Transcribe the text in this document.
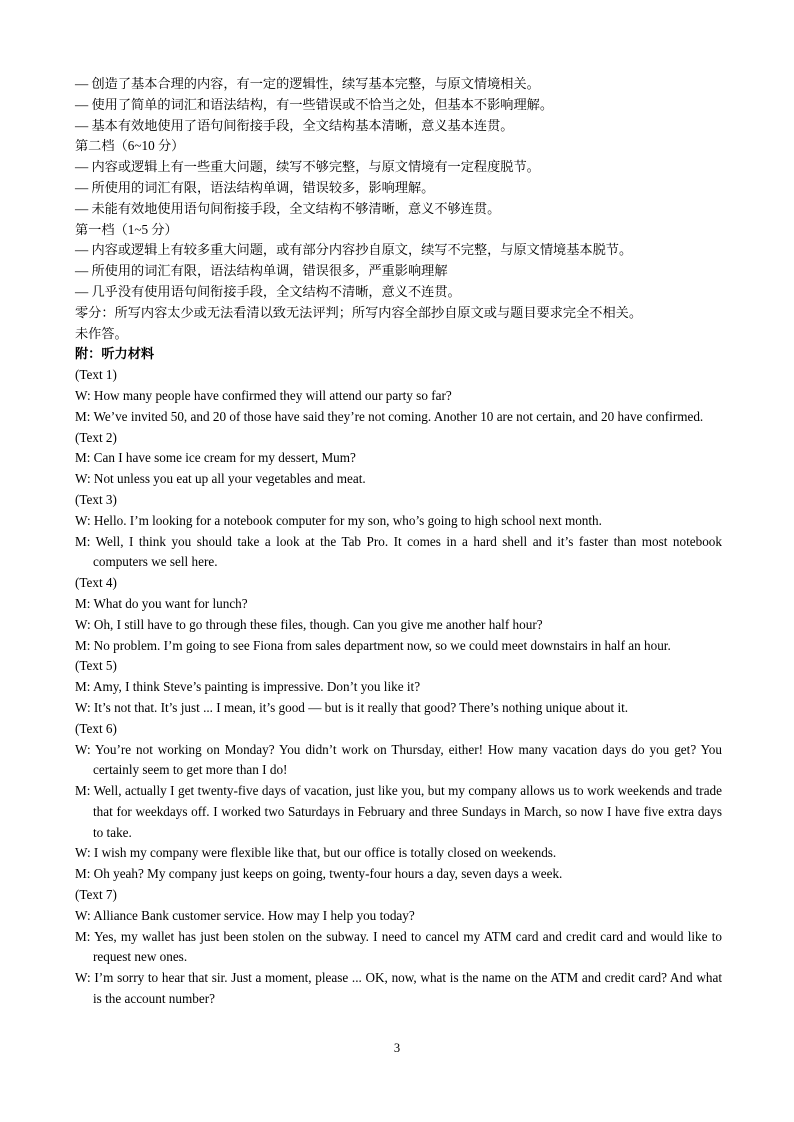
— 创造了基本合理的内容，有一定的逻辑性，续写基本完整，与原文情境相关。
— 使用了简单的词汇和语法结构，有一些错误或不恰当之处，但基本不影响理解。
— 基本有效地使用了语句间衔接手段，全文结构基本清晰，意义基本连贯。
第二档（6~10 分）
— 内容或逻辑上有一些重大问题，续写不够完整，与原文情境有一定程度脱节。
— 所使用的词汇有限，语法结构单调，错误较多，影响理解。
— 未能有效地使用语句间衔接手段，全文结构不够清晰，意义不够连贯。
第一档（1~5 分）
— 内容或逻辑上有较多重大问题，或有部分内容抄自原文，续写不完整，与原文情境基本脱节。
— 所使用的词汇有限，语法结构单调，错误很多，严重影响理解
— 几乎没有使用语句间衔接手段，全文结构不清晰，意义不连贯。
零分：所写内容太少或无法看清以致无法评判；所写内容全部抄自原文或与题目要求完全不相关。
未作答。
附：听力材料
(Text 1)
W: How many people have confirmed they will attend our party so far?
M: We’ve invited 50, and 20 of those have said they’re not coming. Another 10 are not certain, and 20 have confirmed.
(Text 2)
M: Can I have some ice cream for my dessert, Mum?
W: Not unless you eat up all your vegetables and meat.
(Text 3)
W: Hello. I’m looking for a notebook computer for my son, who’s going to high school next month.
M: Well, I think you should take a look at the Tab Pro. It comes in a hard shell and it’s faster than most notebook computers we sell here.
(Text 4)
M: What do you want for lunch?
W: Oh, I still have to go through these files, though. Can you give me another half hour?
M: No problem. I’m going to see Fiona from sales department now, so we could meet downstairs in half an hour.
(Text 5)
M: Amy, I think Steve’s painting is impressive. Don’t you like it?
W: It’s not that. It’s just ... I mean, it’s good — but is it really that good? There’s nothing unique about it.
(Text 6)
W: You’re not working on Monday? You didn’t work on Thursday, either! How many vacation days do you get? You certainly seem to get more than I do!
M: Well, actually I get twenty-five days of vacation, just like you, but my company allows us to work weekends and trade that for weekdays off. I worked two Saturdays in February and three Sundays in March, so now I have five extra days to take.
W: I wish my company were flexible like that, but our office is totally closed on weekends.
M: Oh yeah? My company just keeps on going, twenty-four hours a day, seven days a week.
(Text 7)
W: Alliance Bank customer service. How may I help you today?
M: Yes, my wallet has just been stolen on the subway. I need to cancel my ATM card and credit card and would like to request new ones.
W: I’m sorry to hear that sir. Just a moment, please ... OK, now, what is the name on the ATM and credit card? And what is the account number?
3
